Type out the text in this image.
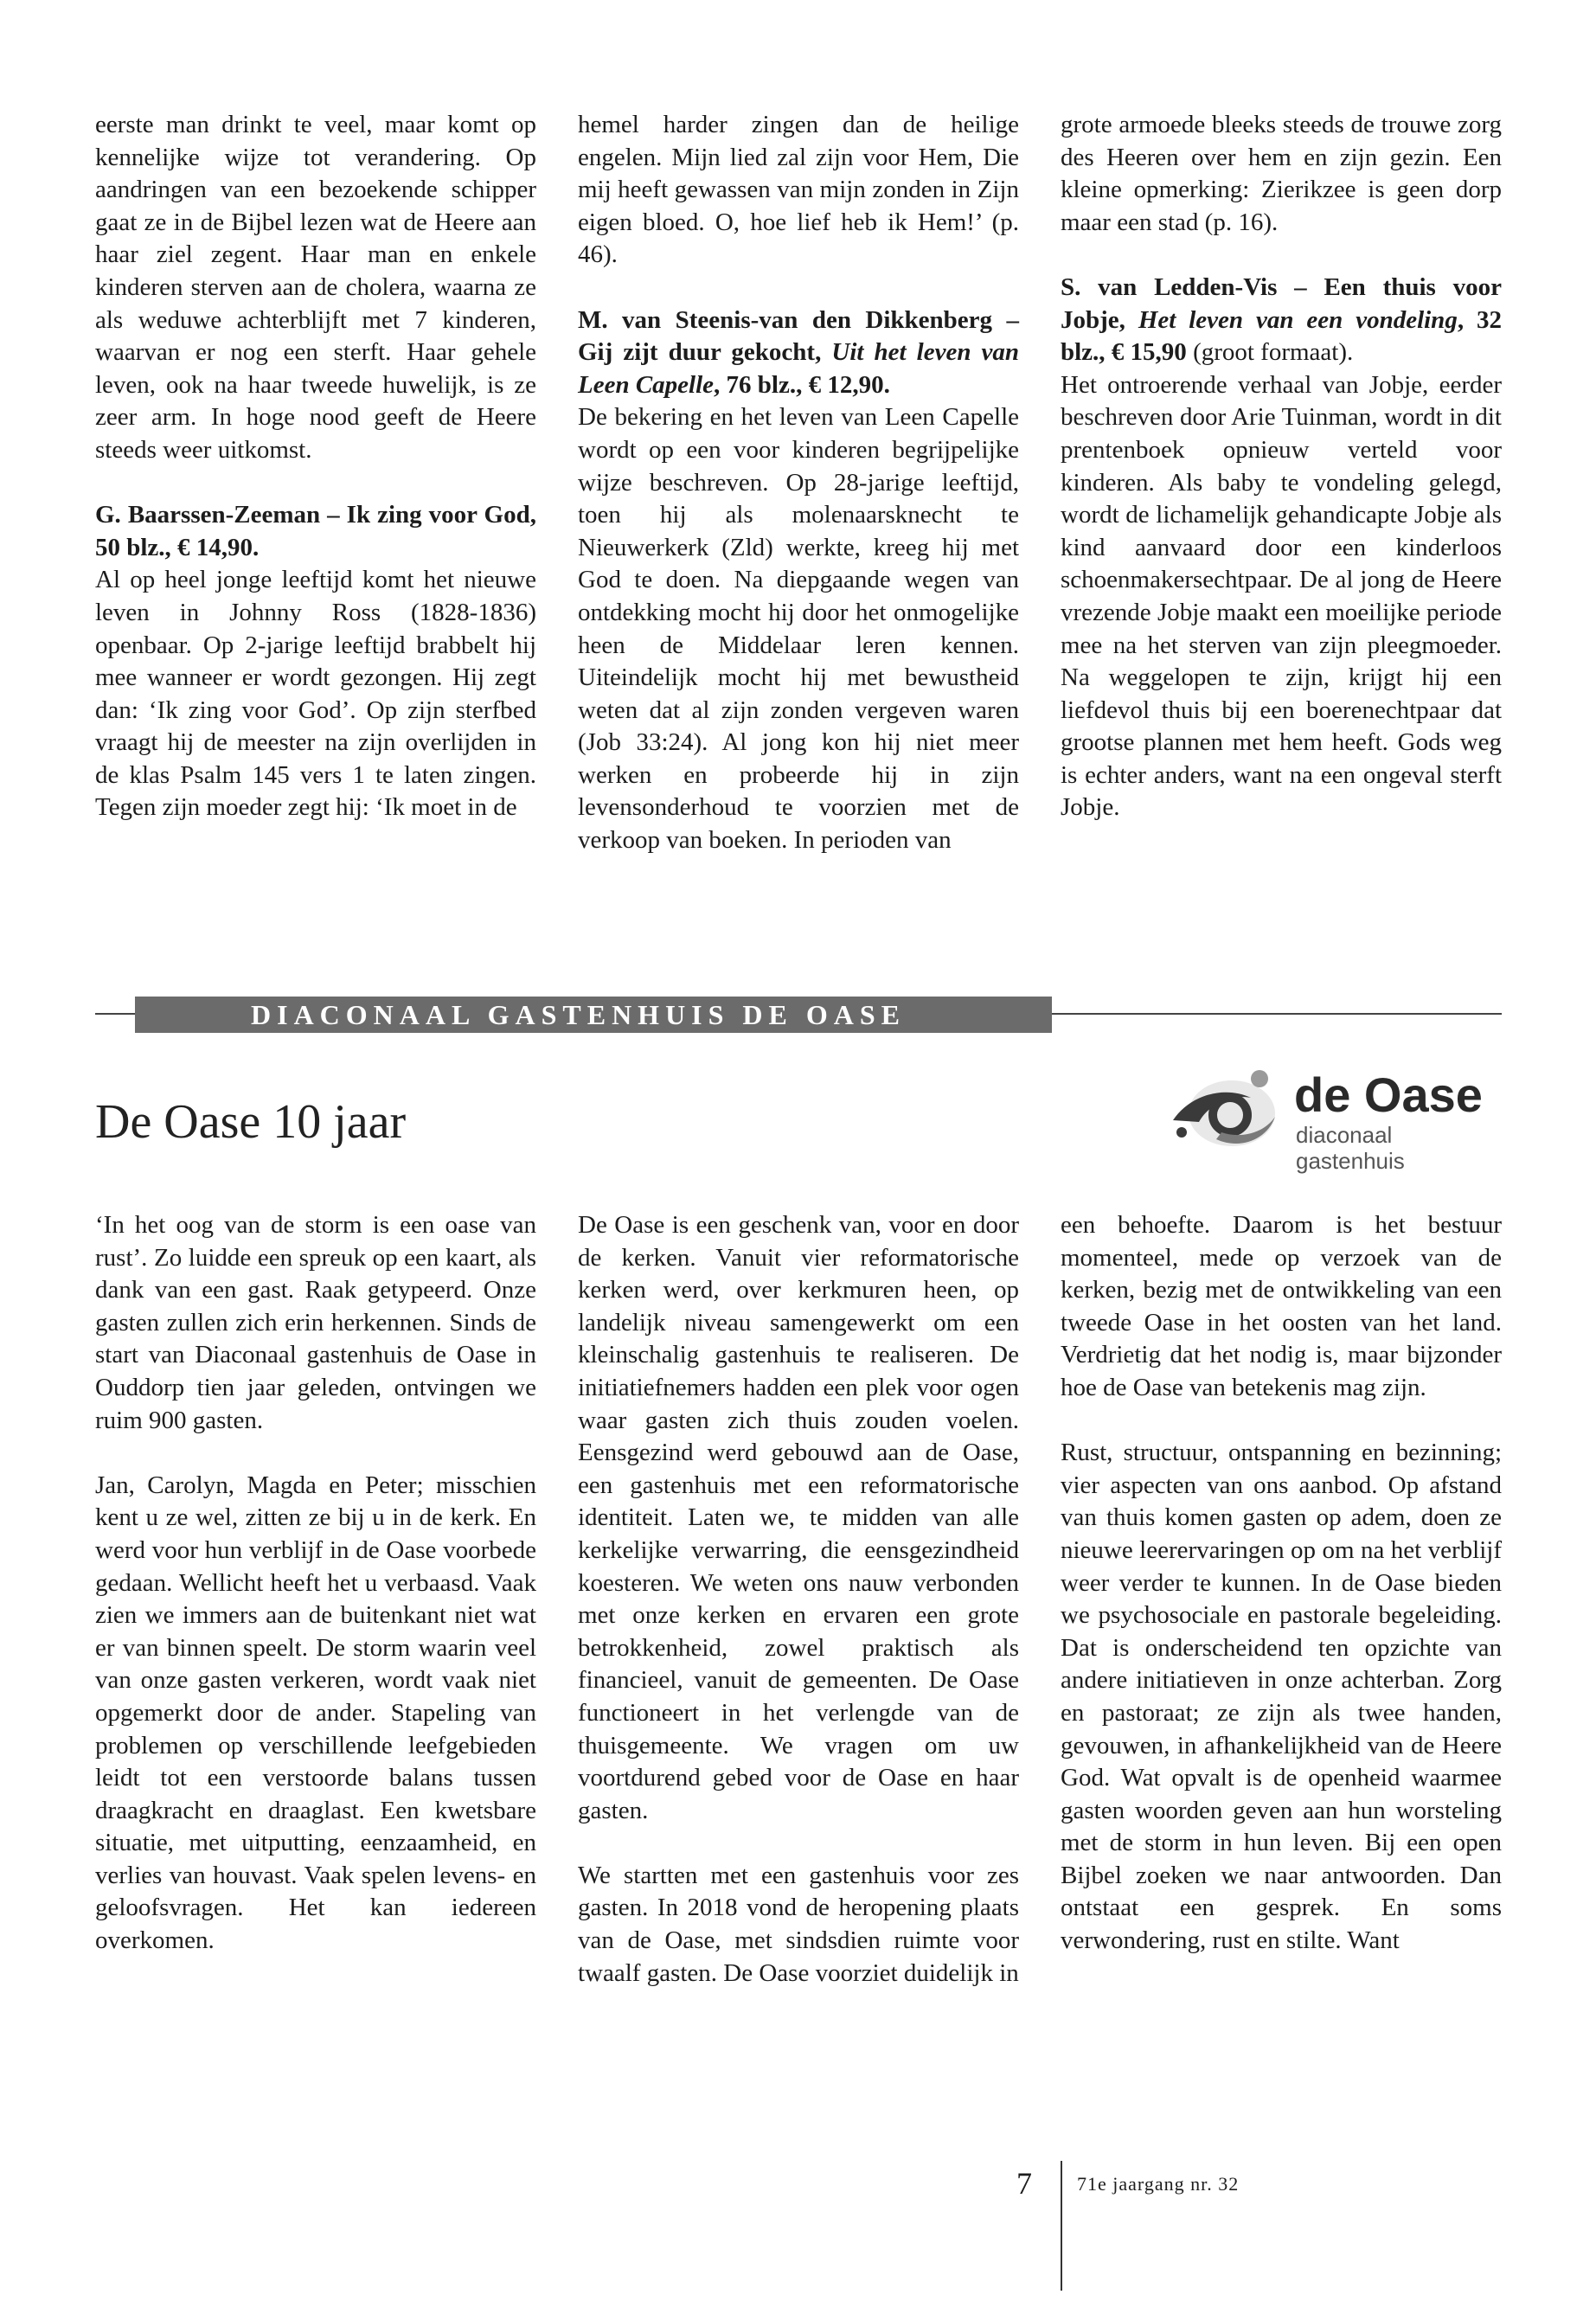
eerste man drinkt te veel, maar komt op kennelijke wijze tot verandering. Op aandringen van een bezoekende schipper gaat ze in de Bijbel lezen wat de Heere aan haar ziel zegent. Haar man en enkele kinderen sterven aan de cholera, waarna ze als weduwe achterblijft met 7 kinderen, waarvan er nog een sterft. Haar gehele leven, ook na haar tweede huwelijk, is ze zeer arm. In hoge nood geeft de Heere steeds weer uitkomst.

G. Baarssen-Zeeman – Ik zing voor God, 50 blz., € 14,90.

Al op heel jonge leeftijd komt het nieuwe leven in Johnny Ross (1828-1836) openbaar. Op 2-jarige leeftijd brabbelt hij mee wanneer er wordt gezongen. Hij zegt dan: ‘Ik zing voor God’. Op zijn sterfbed vraagt hij de meester na zijn overlijden in de klas Psalm 145 vers 1 te laten zingen. Tegen zijn moeder zegt hij: ‘Ik moet in de

hemel harder zingen dan de heilige engelen. Mijn lied zal zijn voor Hem, Die mij heeft gewassen van mijn zonden in Zijn eigen bloed. O, hoe lief heb ik Hem!’ (p. 46).

M. van Steenis-van den Dikkenberg – Gij zijt duur gekocht, Uit het leven van Leen Capelle, 76 blz., € 12,90.

De bekering en het leven van Leen Capelle wordt op een voor kinderen begrijpelijke wijze beschreven. Op 28-jarige leeftijd, toen hij als molenaarsknecht te Nieuwerkerk (Zld) werkte, kreeg hij met God te doen. Na diepgaande wegen van ontdekking mocht hij door het onmogelijke heen de Middelaar leren kennen. Uiteindelijk mocht hij met bewustheid weten dat al zijn zonden vergeven waren (Job 33:24). Al jong kon hij niet meer werken en probeerde hij in zijn levensonderhoud te voorzien met de verkoop van boeken. In perioden van

grote armoede bleeks steeds de trouwe zorg des Heeren over hem en zijn gezin. Een kleine opmerking: Zierikzee is geen dorp maar een stad (p. 16).

S. van Ledden-Vis – Een thuis voor Jobje, Het leven van een vondeling, 32 blz., € 15,90 (groot formaat).

Het ontroerende verhaal van Jobje, eerder beschreven door Arie Tuinman, wordt in dit prentenboek opnieuw verteld voor kinderen. Als baby te vondeling gelegd, wordt de lichamelijk gehandicapte Jobje als kind aanvaard door een kinderloos schoenmakersechtpaar. De al jong de Heere vrezende Jobje maakt een moeilijke periode mee na het sterven van zijn pleegmoeder. Na weggelopen te zijn, krijgt hij een liefdevol thuis bij een boerenechtpaar dat grootse plannen met hem heeft. Gods weg is echter anders, want na een ongeval sterft Jobje.

DIACONAAL GASTENHUIS DE OASE
De Oase 10 jaar	de Oase
diaconaal gastenhuis

‘In het oog van de storm is een oase van rust’. Zo luidde een spreuk op een kaart, als dank van een gast. Raak getypeerd. Onze gasten zullen zich erin herkennen. Sinds de start van Diaconaal gastenhuis de Oase in Ouddorp tien jaar geleden, ontvingen we ruim 900 gasten.

Jan, Carolyn, Magda en Peter; misschien kent u ze wel, zitten ze bij u in de kerk. En werd voor hun verblijf in de Oase voorbede gedaan. Wellicht heeft het u verbaasd. Vaak zien we immers aan de buitenkant niet wat er van binnen speelt. De storm waarin veel van onze gasten verkeren, wordt vaak niet opgemerkt door de ander. Stapeling van problemen op verschillende leefgebieden leidt tot een verstoorde balans tussen draagkracht en draaglast. Een kwetsbare situatie, met uitputting, eenzaamheid, en verlies van houvast. Vaak spelen levens- en geloofsvragen. Het kan iedereen overkomen.

De Oase is een geschenk van, voor en door de kerken. Vanuit vier reformatorische kerken werd, over kerkmuren heen, op landelijk niveau samengewerkt om een kleinschalig gastenhuis te realiseren. De initiatiefnemers hadden een plek voor ogen waar gasten zich thuis zouden voelen. Eensgezind werd gebouwd aan de Oase, een gastenhuis met een reformatorische identiteit. Laten we, te midden van alle kerkelijke verwarring, die eensgezindheid koesteren. We weten ons nauw verbonden met onze kerken en ervaren een grote betrokkenheid, zowel praktisch als financieel, vanuit de gemeenten. De Oase functioneert in het verlengde van de thuisgemeente. We vragen om uw voortdurend gebed voor de Oase en haar gasten.

We startten met een gastenhuis voor zes gasten. In 2018 vond de heropening plaats van de Oase, met sindsdien ruimte voor twaalf gasten. De Oase voorziet duidelijk in

een behoefte. Daarom is het bestuur momenteel, mede op verzoek van de kerken, bezig met de ontwikkeling van een tweede Oase in het oosten van het land. Verdrietig dat het nodig is, maar bijzonder hoe de Oase van betekenis mag zijn.

Rust, structuur, ontspanning en bezinning; vier aspecten van ons aanbod. Op afstand van thuis komen gasten op adem, doen ze nieuwe leerervaringen op om na het verblijf weer verder te kunnen. In de Oase bieden we psychosociale en pastorale begeleiding. Dat is onderscheidend ten opzichte van andere initiatieven in onze achterban. Zorg en pastoraat; ze zijn als twee handen, gevouwen, in afhankelijkheid van de Heere God. Wat opvalt is de openheid waarmee gasten woorden geven aan hun worsteling met de storm in hun leven. Bij een open Bijbel zoeken we naar antwoorden. Dan ontstaat een gesprek. En soms verwondering, rust en stilte. Want

7 71e jaargang nr. 32
